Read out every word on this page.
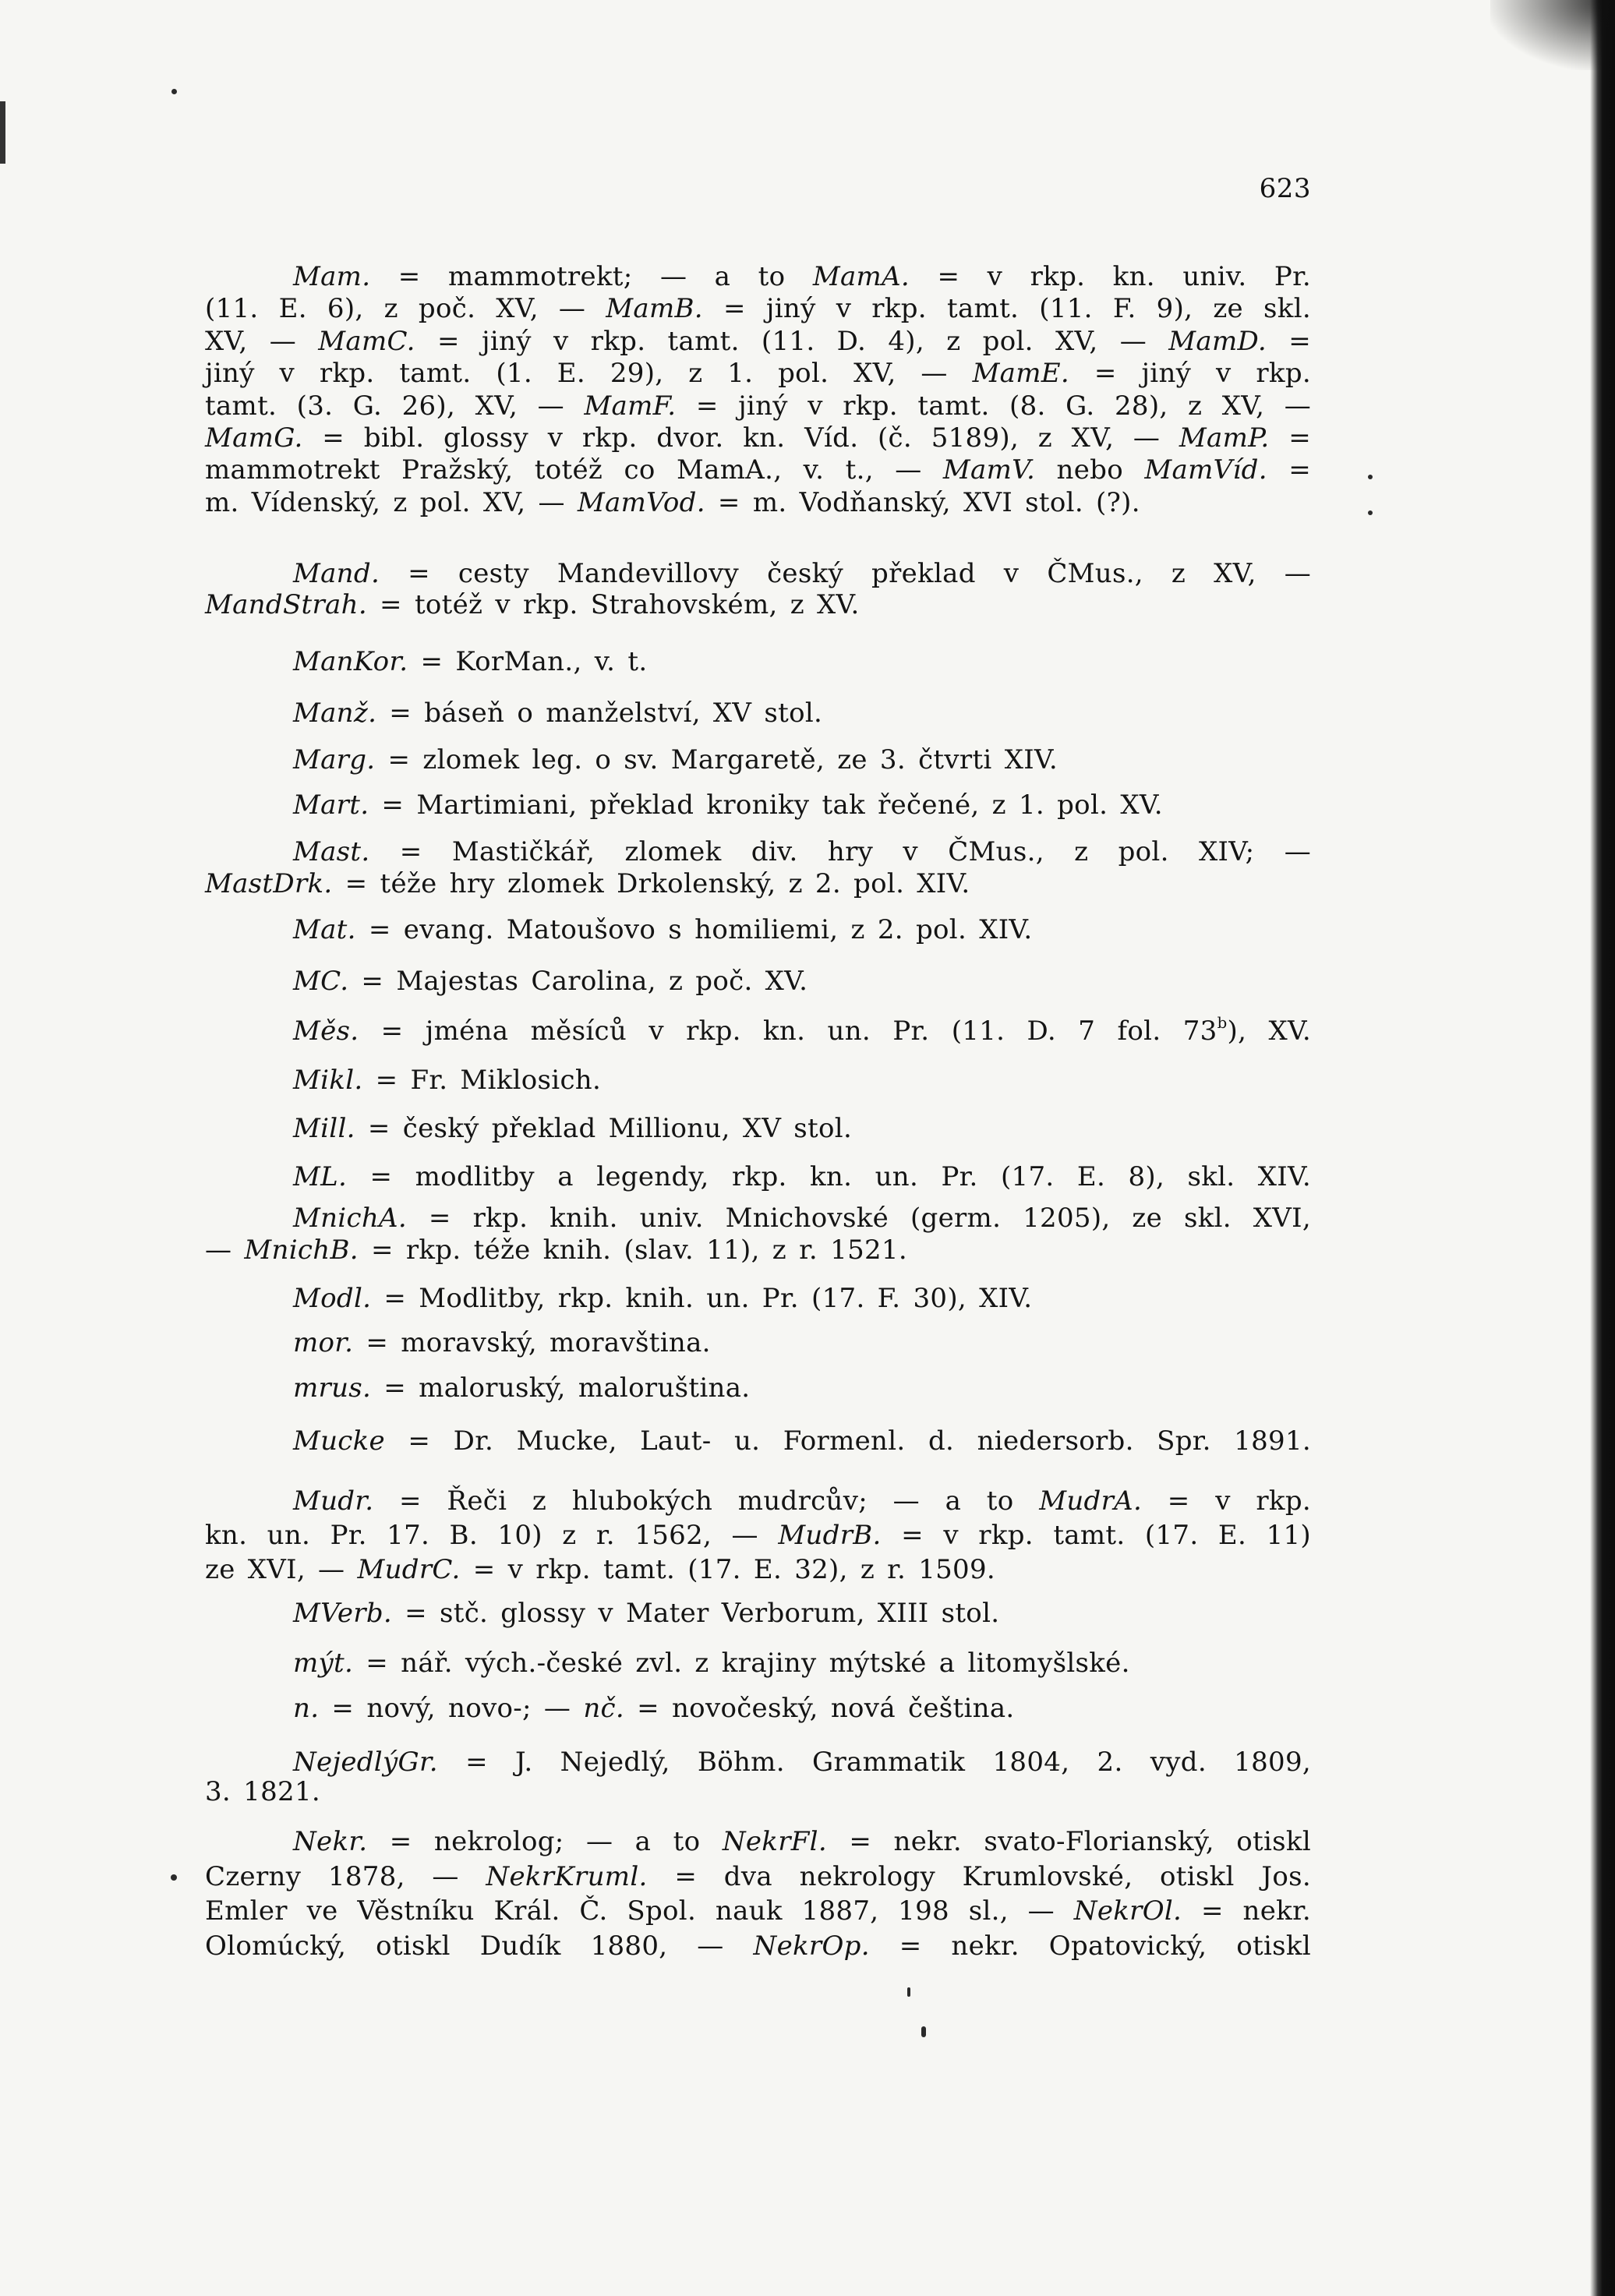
623
Mam. = mammotrekt; — a to MamA. = v rkp. kn. univ. Pr.
(11. E. 6), z poč. XV, — MamB. = jiný v rkp. tamt. (11. F. 9), ze skl.
XV, — MamC. = jiný v rkp. tamt. (11. D. 4), z pol. XV, — MamD. =
jiný v rkp. tamt. (1. E. 29), z 1. pol. XV, — MamE. = jiný v rkp.
tamt. (3. G. 26), XV, — MamF. = jiný v rkp. tamt. (8. G. 28), z XV, —
MamG. = bibl. glossy v rkp. dvor. kn. Víd. (č. 5189), z XV, — MamP. =
mammotrekt Pražský, totéž co MamA., v. t., — MamV. nebo MamVíd. =
m. Vídenský, z pol. XV, — MamVod. = m. Vodňanský, XVI stol. (?).
Mand. = cesty Mandevillovy český překlad v ČMus., z XV, —
MandStrah. = totéž v rkp. Strahovském, z XV.
ManKor. = KorMan., v. t.
Manž. = báseň o manželství, XV stol.
Marg. = zlomek leg. o sv. Margaretě, ze 3. čtvrti XIV.
Mart. = Martimiani, překlad kroniky tak řečené, z 1. pol. XV.
Mast. = Mastičkář, zlomek div. hry v ČMus., z pol. XIV; —
MastDrk. = téže hry zlomek Drkolenský, z 2. pol. XIV.
Mat. = evang. Matoušovo s homiliemi, z 2. pol. XIV.
MC. = Majestas Carolina, z poč. XV.
Měs. = jména měsíců v rkp. kn. un. Pr. (11. D. 7 fol. 73$^b$), XV.
Mikl. = Fr. Miklosich.
Mill. = český překlad Millionu, XV stol.
ML. = modlitby a legendy, rkp. kn. un. Pr. (17. E. 8), skl. XIV.
MnichA. = rkp. knih. univ. Mnichovské (germ. 1205), ze skl. XVI,
— MnichB. = rkp. téže knih. (slav. 11), z r. 1521.
Modl. = Modlitby, rkp. knih. un. Pr. (17. F. 30), XIV.
mor. = moravský, moravština.
mrus. = maloruský, maloruština.
Mucke = Dr. Mucke, Laut- u. Formenl. d. niedersorb. Spr. 1891.
Mudr. = Řeči z hlubokých mudrcův; — a to MudrA. = v rkp.
kn. un. Pr. 17. B. 10) z r. 1562, — MudrB. = v rkp. tamt. (17. E. 11)
ze XVI, — MudrC. = v rkp. tamt. (17. E. 32), z r. 1509.
MVerb. = stč. glossy v Mater Verborum, XIII stol.
mýt. = nář. vých.-české zvl. z krajiny mýtské a litomyšlské.
n. = nový, novo-; — nč. = novočeský, nová čeština.
NejedlýGr. = J. Nejedlý, Böhm. Grammatik 1804, 2. vyd. 1809,
3. 1821.
Nekr. = nekrolog; — a to NekrFl. = nekr. svato-Florianský, otiskl
Czerny 1878, — NekrKruml. = dva nekrology Krumlovské, otiskl Jos.
Emler ve Věstníku Král. Č. Spol. nauk 1887, 198 sl., — NekrOl. = nekr.
Olomúcký, otiskl Dudík 1880, — NekrOp. = nekr. Opatovický, otiskl
